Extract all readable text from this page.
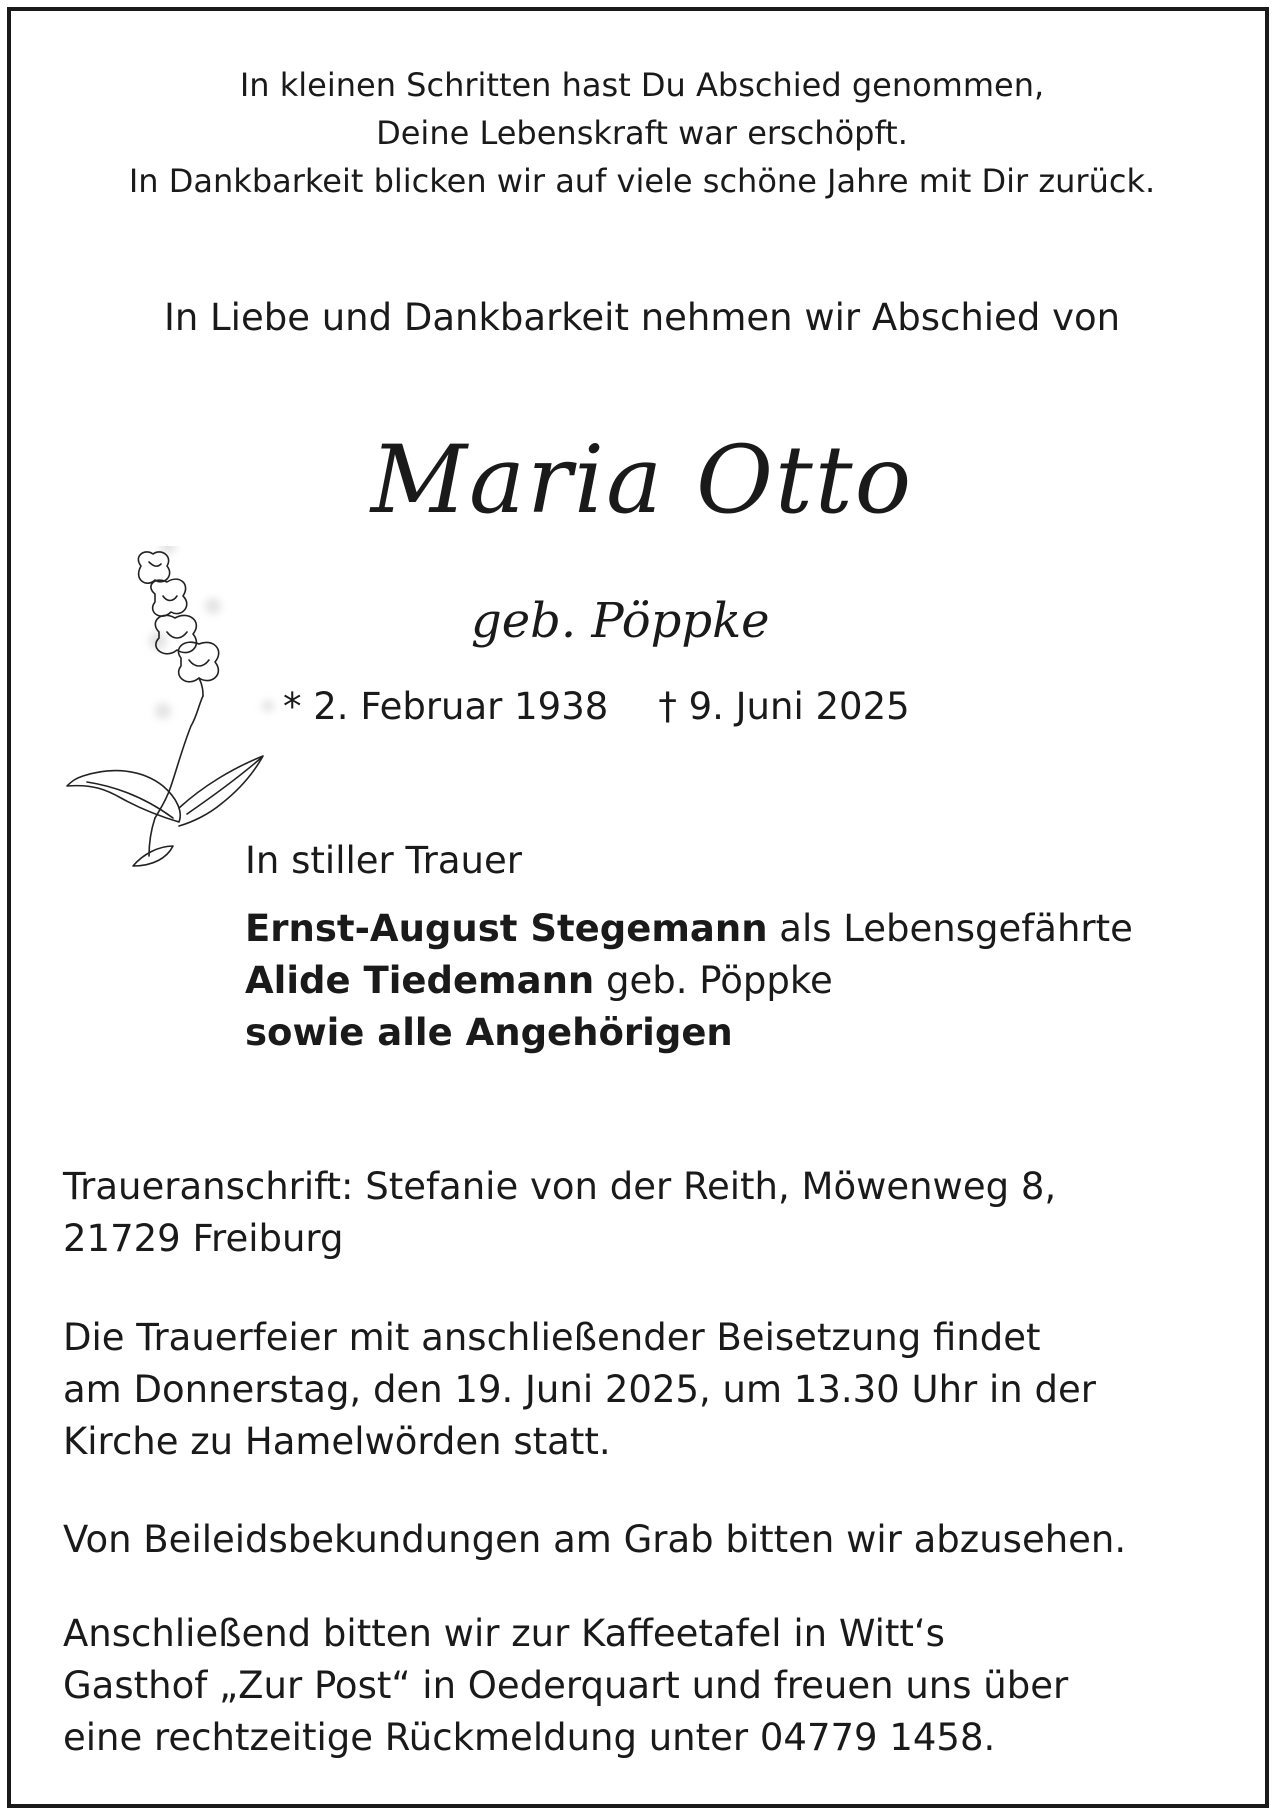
In kleinen Schritten hast Du Abschied genommen,
Deine Lebenskraft war erschöpft.
In Dankbarkeit blicken wir auf viele schöne Jahre mit Dir zurück.
In Liebe und Dankbarkeit nehmen wir Abschied von
Maria Otto
geb. Pöppke
* 2. Februar 1938 † 9. Juni 2025
In stiller Trauer
Ernst-August Stegemann als Lebensgefährte
Alide Tiedemann geb. Pöppke
sowie alle Angehörigen
Traueranschrift: Stefanie von der Reith, Möwenweg 8,
21729 Freiburg
Die Trauerfeier mit anschließender Beisetzung findet
am Donnerstag, den 19. Juni 2025, um 13.30 Uhr in der
Kirche zu Hamelwörden statt.
Von Beileidsbekundungen am Grab bitten wir abzusehen.
Anschließend bitten wir zur Kaffeetafel in Witt‘s
Gasthof „Zur Post“ in Oederquart und freuen uns über
eine rechtzeitige Rückmeldung unter 04779 1458.
